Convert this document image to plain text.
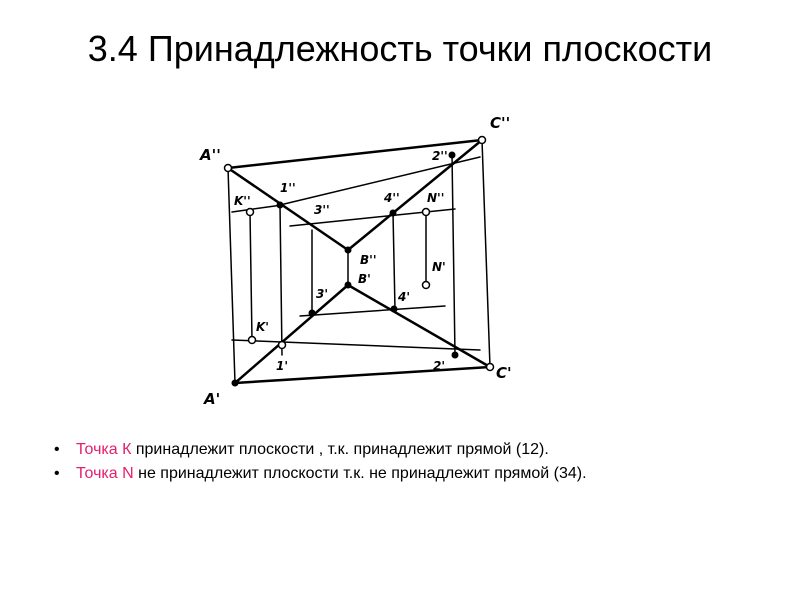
3.4 Принадлежность точки плоскости
A''
C''
K''
1''
2''
3''
4'' N''
B''
B'
3'	4'
N'
K'
1'	2'
A'
C'
• Точка К принадлежит плоскости , т.к. принадлежит прямой (12).
• Точка N не принадлежит плоскости т.к. не принадлежит прямой (34).
